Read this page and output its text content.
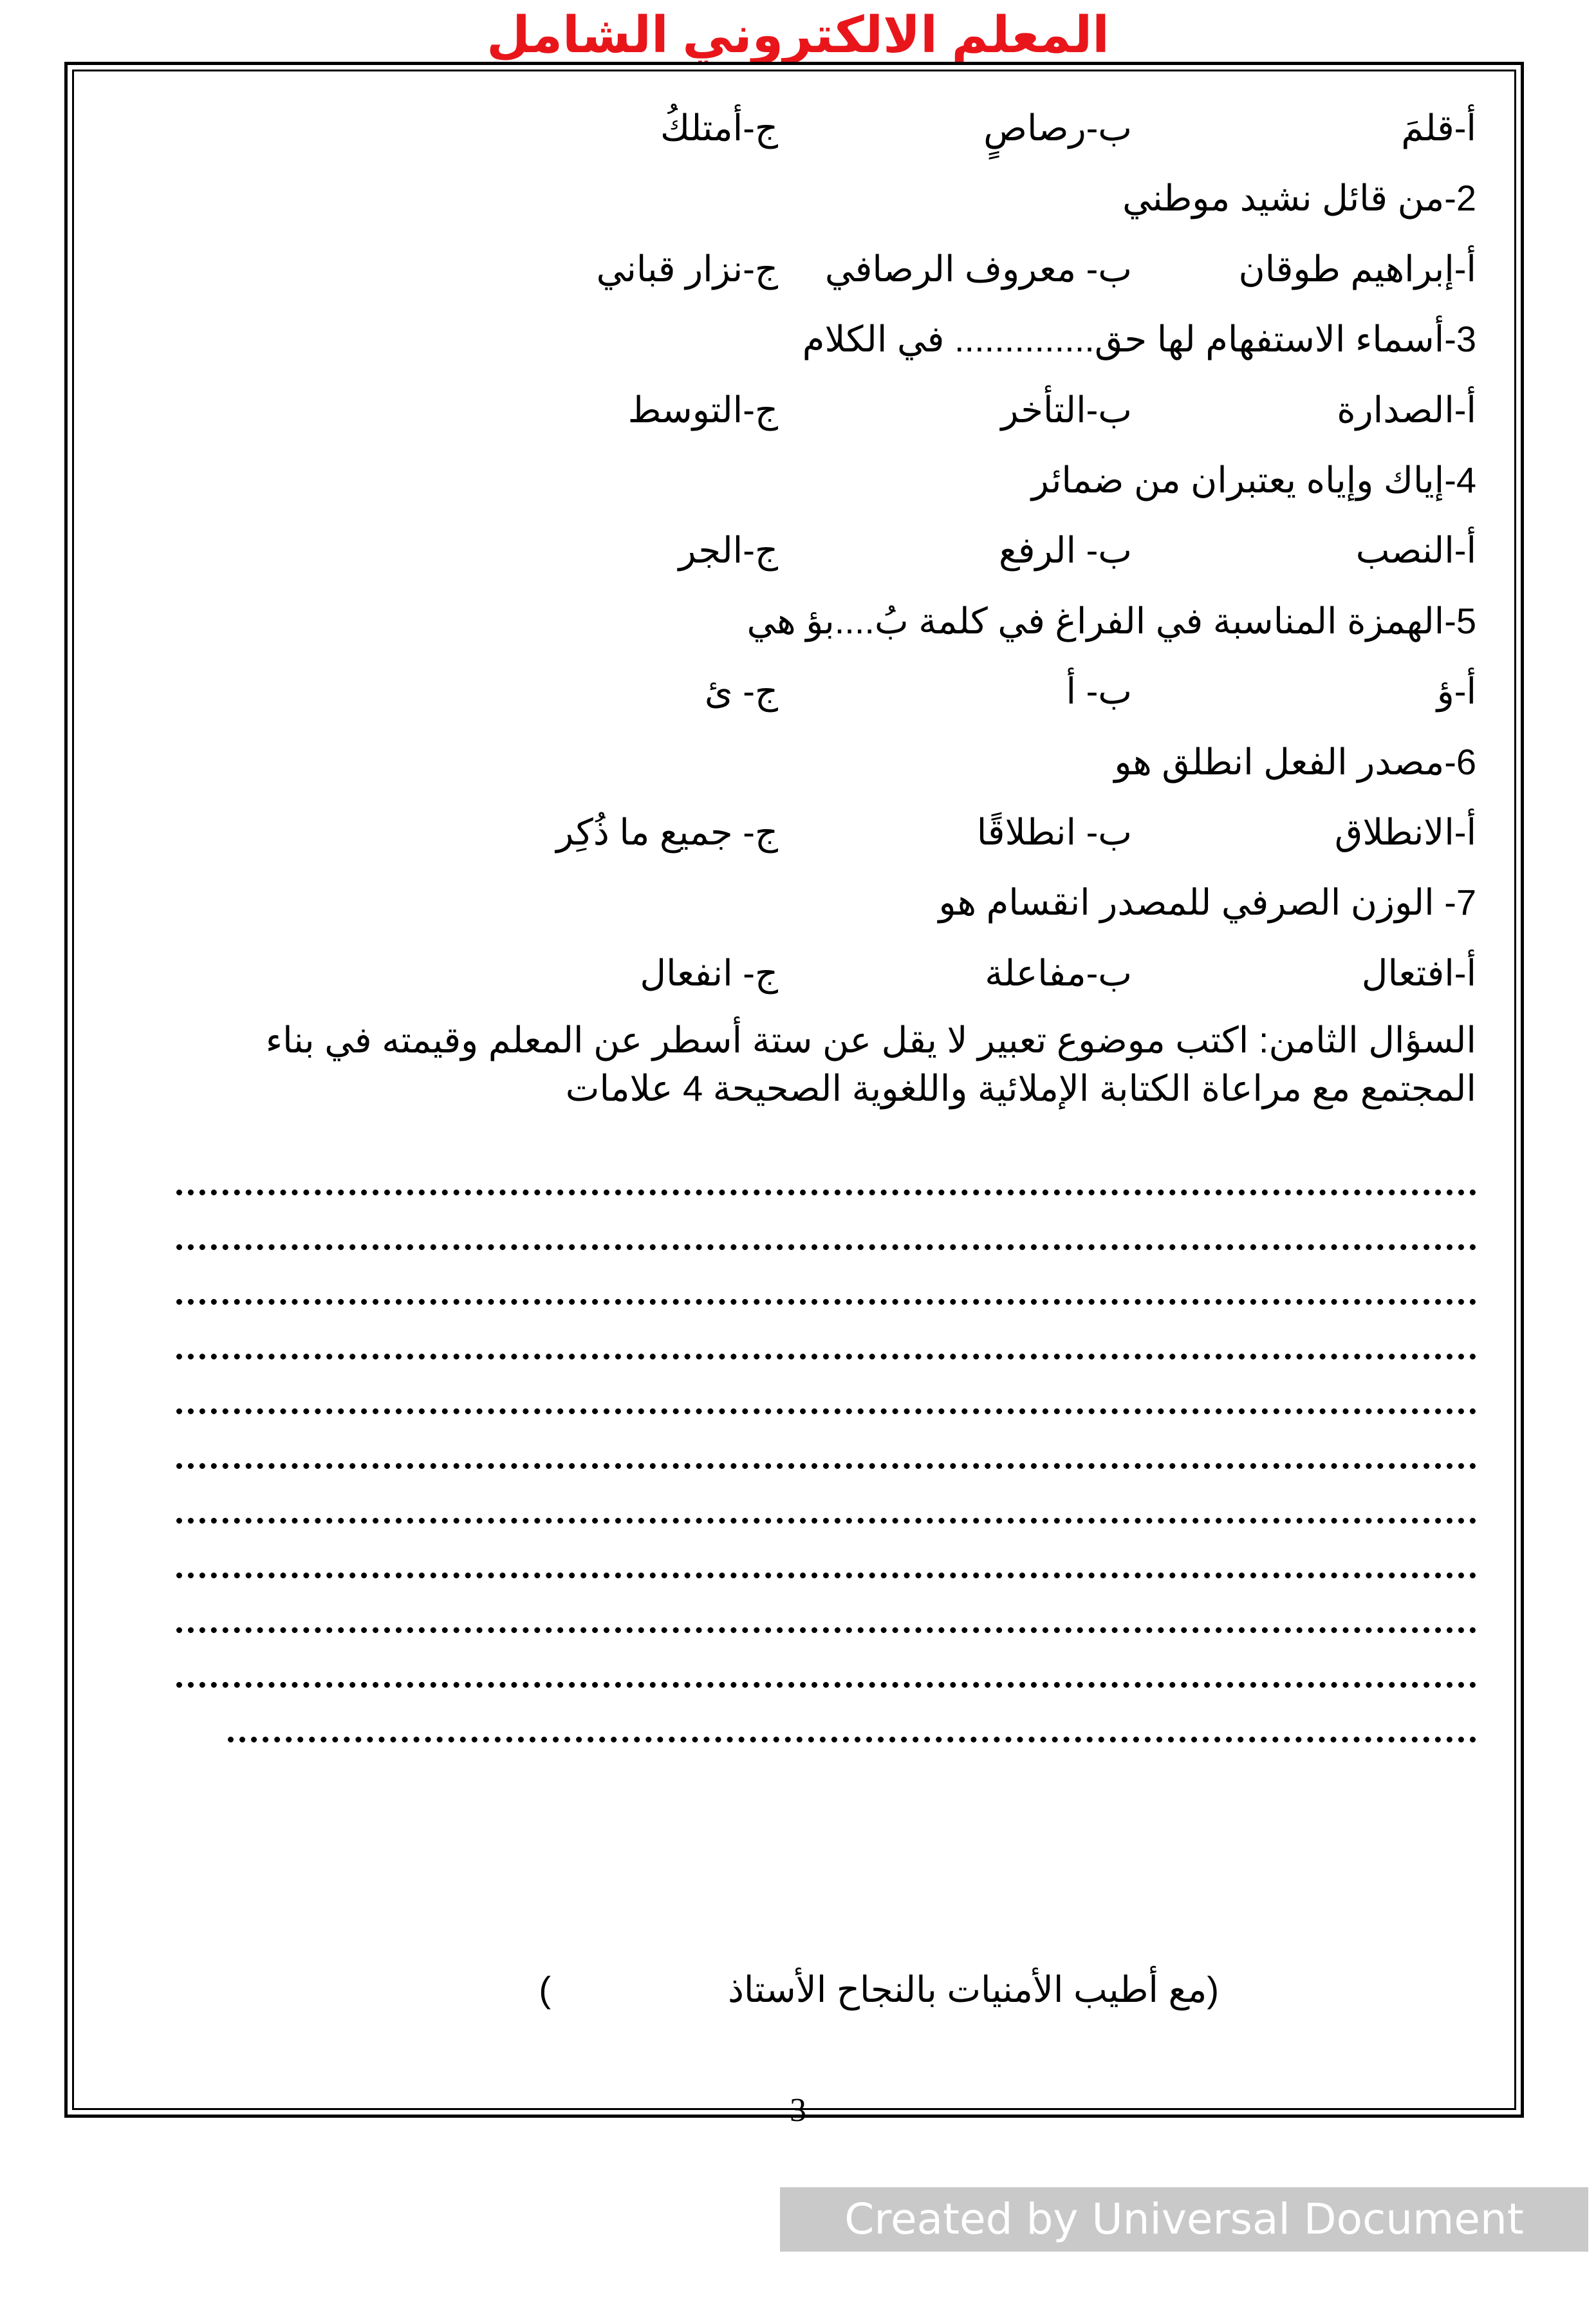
المعلم الالكتروني الشامل
أ-قلمَ
ب-رصاصٍ
ج-أمتلكُ
2-من قائل نشيد موطني
أ-إبراهيم طوقان
ب- معروف الرصافي
ج-نزار قباني
3-أسماء الاستفهام لها حق.............. في الكلام
أ-الصدارة
ب-التأخر
ج-التوسط
4-إياك وإياه يعتبران من ضمائر
أ-النصب
ب- الرفع
ج-الجر
5-الهمزة المناسبة في الفراغ في كلمة بُ....بؤ هي
أ-ؤ
ب- أ
ج- ئ
6-مصدر الفعل انطلق هو
أ-الانطلاق
ب- انطلاقًا
ج- جميع ما ذُكِر
7- الوزن الصرفي للمصدر انقسام هو
أ-افتعال
ب-مفاعلة
ج- انفعال
السؤال الثامن: اكتب موضوع تعبير لا يقل عن ستة أسطر عن المعلم وقيمته في بناء المجتمع مع مراعاة الكتابة الإملائية واللغوية الصحيحة 4 علامات
(مع أطيب الأمنيات بالنجاح الأستاذ
)
3
Created by Universal Document Converter
